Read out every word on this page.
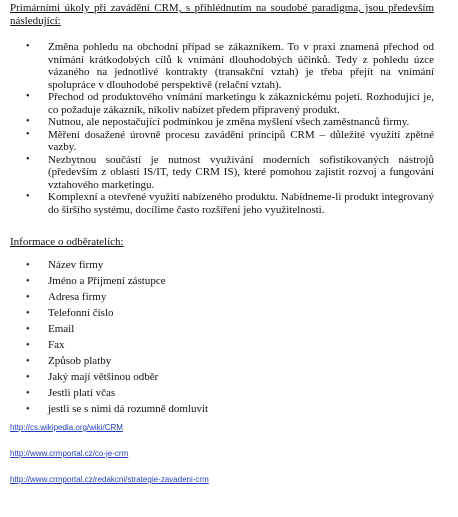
Primárními úkoly při zavádění CRM, s přihlédnutím na soudobé paradigma, jsou především následující:
• Změna pohledu na obchodní případ se zákazníkem. To v praxi znamená přechod od vnímání krátkodobých cílů k vnímání dlouhodobých účinků. Tedy z pohledu úzce vázaného na jednotlivé kontrakty (transakční vztah) je třeba přejít na vnímání spolupráce v dlouhodobé perspektivě (relační vztah).
• Přechod od produktového vnímání marketingu k zákaznickému pojetí. Rozhodující je, co požaduje zákazník, nikoliv nabízet předem připravený produkt.
• Nutnou, ale nepostačující podmínkou je změna myšlení všech zaměstnanců firmy.
• Měření dosažené úrovně procesu zavádění principů CRM – důležité využití zpětné vazby.
• Nezbytnou součástí je nutnost využívání moderních sofistikovaných nástrojů (především z oblasti IS/IT, tedy CRM IS), které pomohou zajistit rozvoj a fungování vztahového marketingu.
• Komplexní a otevřené využití nabízeného produktu. Nabídneme-li produkt integrovaný do širšího systému, docílíme často rozšíření jeho využitelnosti.
Informace o odběratelích:
• Název firmy
• Jméno a Příjmení zástupce
• Adresa firmy
• Telefonní číslo
• Email
• Fax
• Způsob platby
• Jaký mají většinou odběr
• Jestli platí včas
• jestli se s nimi dá rozumně domluvit
http://cs.wikipedia.org/wiki/CRM
http://www.crmportal.cz/co-je-crm
http://www.crmportal.cz/redakcni/strategie-zavadeni-crm
